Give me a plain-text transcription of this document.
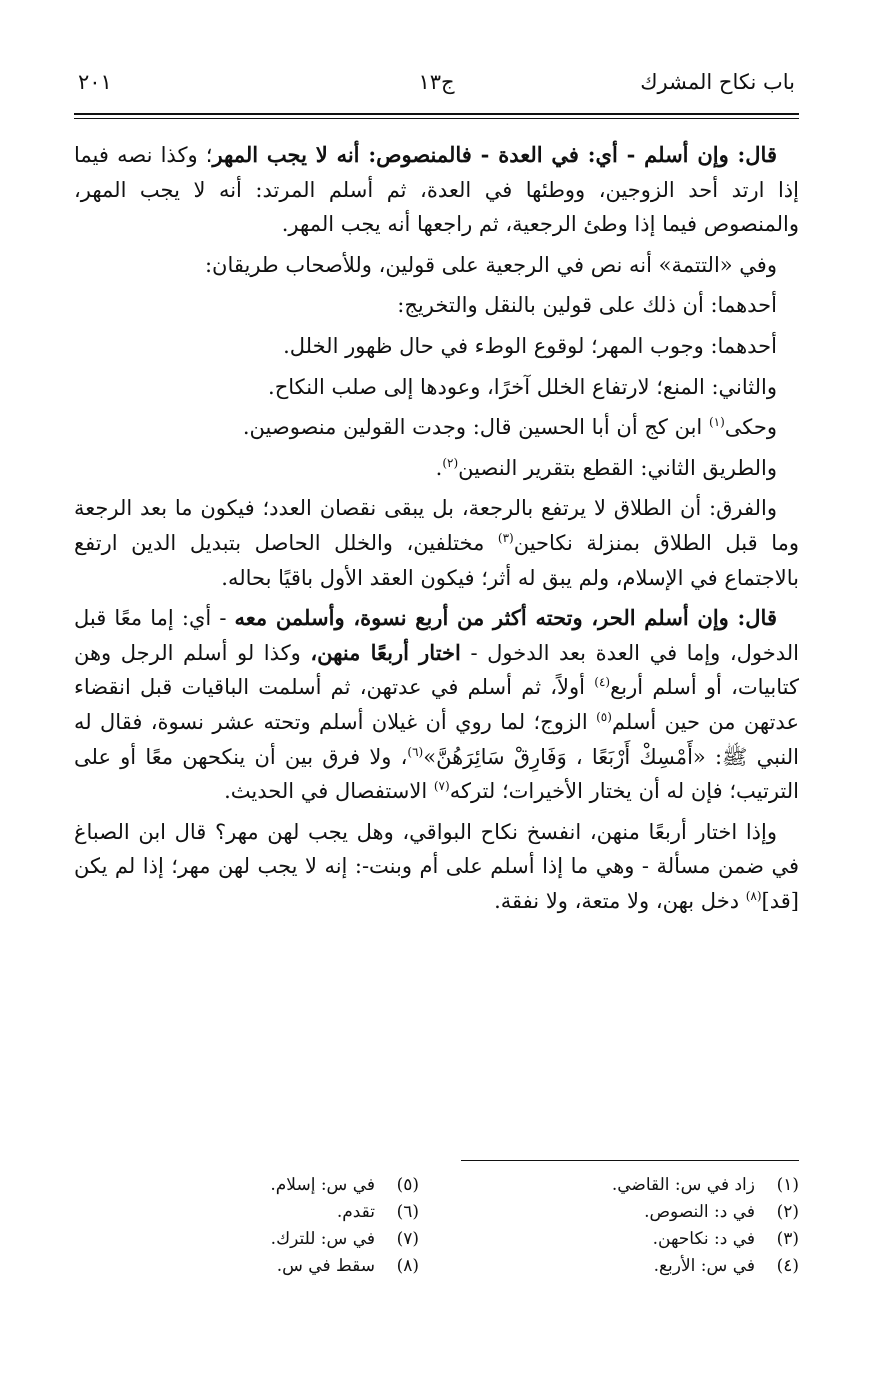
باب نكاح المشرك
ج١٣
٢٠١

قال: وإن أسلم - أي: في العدة - فالمنصوص: أنه لا يجب المهر؛ وكذا نصه فيما إذا ارتد أحد الزوجين، ووطئها في العدة، ثم أسلم المرتد: أنه لا يجب المهر، والمنصوص فيما إذا وطئ الرجعية، ثم راجعها أنه يجب المهر.

وفي «التتمة» أنه نص في الرجعية على قولين، وللأصحاب طريقان:

أحدهما: أن ذلك على قولين بالنقل والتخريج:

أحدهما: وجوب المهر؛ لوقوع الوطء في حال ظهور الخلل.

والثاني: المنع؛ لارتفاع الخلل آخرًا، وعودها إلى صلب النكاح.

وحكى$^{(١)}$ ابن كج أن أبا الحسين قال: وجدت القولين منصوصين.

والطريق الثاني: القطع بتقرير النصين$^{(٢)}$.

والفرق: أن الطلاق لا يرتفع بالرجعة، بل يبقى نقصان العدد؛ فيكون ما بعد الرجعة وما قبل الطلاق بمنزلة نكاحين$^{(٣)}$ مختلفين، والخلل الحاصل بتبديل الدين ارتفع بالاجتماع في الإسلام، ولم يبق له أثر؛ فيكون العقد الأول باقيًا بحاله.

قال: وإن أسلم الحر، وتحته أكثر من أربع نسوة، وأسلمن معه - أي: إما معًا قبل الدخول، وإما في العدة بعد الدخول - اختار أربعًا منهن، وكذا لو أسلم الرجل وهن كتابيات، أو أسلم أربع$^{(٤)}$ أولاً، ثم أسلم في عدتهن، ثم أسلمت الباقيات قبل انقضاء عدتهن من حين أسلم$^{(٥)}$ الزوج؛ لما روي أن غيلان أسلم وتحته عشر نسوة، فقال له النبي ﷺ: «أَمْسِكْ أَرْبَعًا ، وَفَارِقْ سَائِرَهُنَّ»$^{(٦)}$، ولا فرق بين أن ينكحهن معًا أو على الترتيب؛ فإن له أن يختار الأخيرات؛ لتركه$^{(٧)}$ الاستفصال في الحديث.

وإذا اختار أربعًا منهن، انفسخ نكاح البواقي، وهل يجب لهن مهر؟ قال ابن الصباغ في ضمن مسألة - وهي ما إذا أسلم على أم وبنت-: إنه لا يجب لهن مهر؛ إذا لم يكن [قد]$^{(٨)}$ دخل بهن، ولا متعة، ولا نفقة.

(١)زاد في س: القاضي.
(٢)في د: النصوص.
(٣)في د: نكاحهن.
(٤)في س: الأربع.
(٥)في س: إسلام.
(٦)تقدم.
(٧)في س: للترك.
(٨)سقط في س.
